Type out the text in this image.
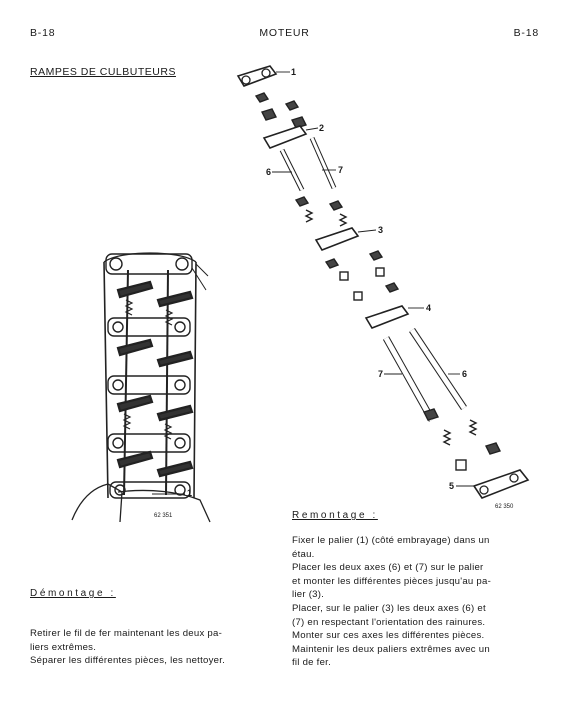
B-18	MOTEUR	B-18
RAMPES DE CULBUTEURS
1
1
2
6	7
3
4
7	6
5
62 351
62 350
Remontage :
Fixer le palier (1) (côté embrayage) dans un
étau.
Placer les deux axes (6) et (7) sur le palier
et monter les différentes pièces jusqu'au pa-
lier (3).
Placer, sur le palier (3) les deux axes (6) et
(7) en respectant l'orientation des rainures.
Monter sur ces axes les différentes pièces.
Maintenir les deux paliers extrêmes avec un
fil de fer.
Démontage :
Retirer le fil de fer maintenant les deux pa-
liers extrêmes.
Séparer les différentes pièces, les nettoyer.
